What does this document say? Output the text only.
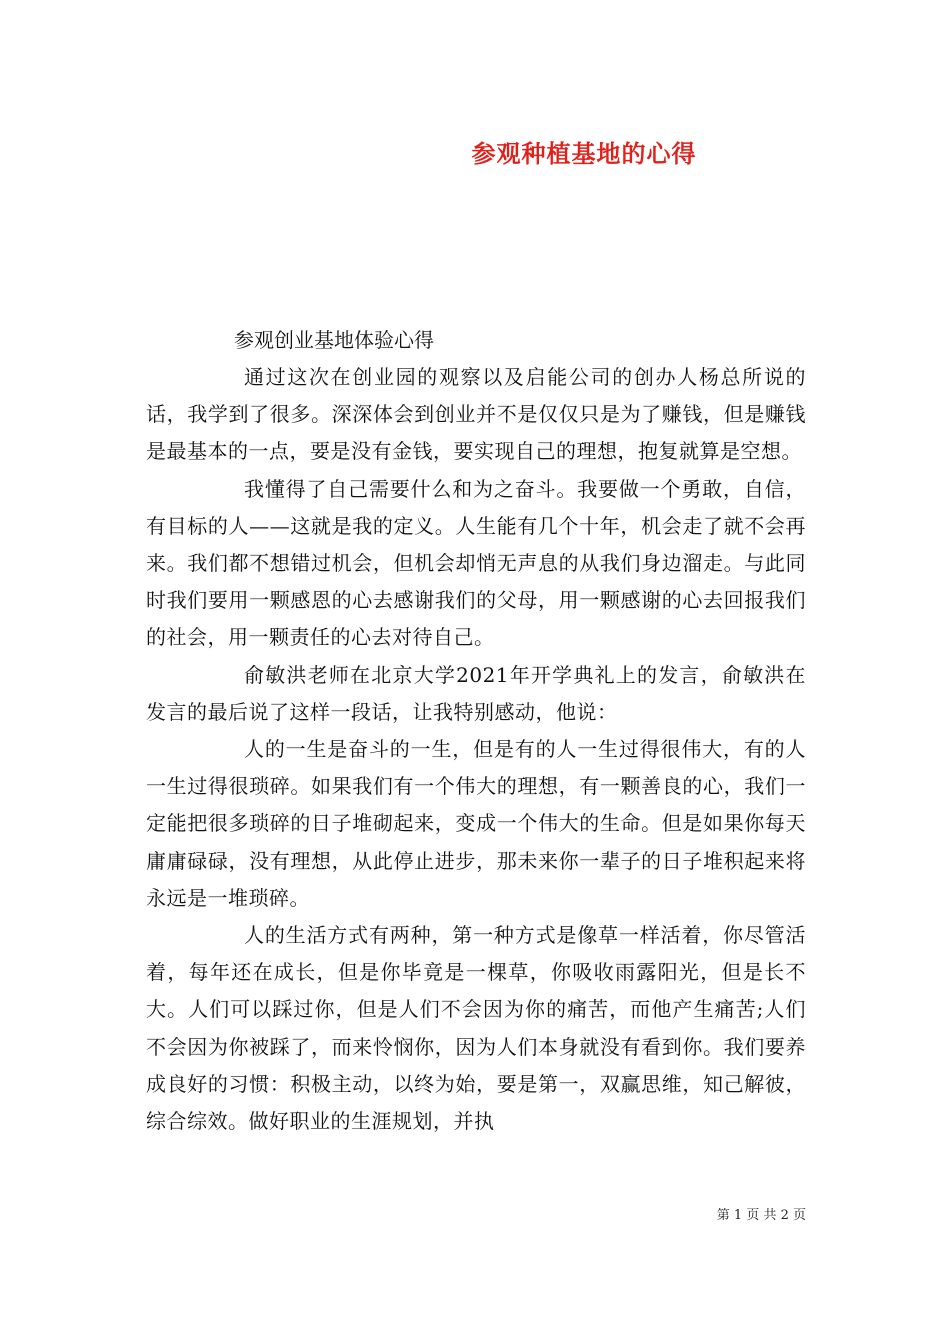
参观种植基地的心得

参观创业基地体验心得

通过这次在创业园的观察以及启能公司的创办人杨总所说的话，我学到了很多。深深体会到创业并不是仅仅只是为了赚钱，但是赚钱是最基本的一点，要是没有金钱，要实现自己的理想，抱复就算是空想。

我懂得了自己需要什么和为之奋斗。我要做一个勇敢，自信，有目标的人——这就是我的定义。人生能有几个十年，机会走了就不会再来。我们都不想错过机会，但机会却悄无声息的从我们身边溜走。与此同时我们要用一颗感恩的心去感谢我们的父母，用一颗感谢的心去回报我们的社会，用一颗责任的心去对待自己。

俞敏洪老师在北京大学2021年开学典礼上的发言，俞敏洪在发言的最后说了这样一段话，让我特别感动，他说：

人的一生是奋斗的一生，但是有的人一生过得很伟大，有的人一生过得很琐碎。如果我们有一个伟大的理想，有一颗善良的心，我们一定能把很多琐碎的日子堆砌起来，变成一个伟大的生命。但是如果你每天庸庸碌碌，没有理想，从此停止进步，那未来你一辈子的日子堆积起来将永远是一堆琐碎。

人的生活方式有两种，第一种方式是像草一样活着，你尽管活着，每年还在成长，但是你毕竟是一棵草，你吸收雨露阳光，但是长不大。人们可以踩过你，但是人们不会因为你的痛苦，而他产生痛苦;人们不会因为你被踩了，而来怜悯你，因为人们本身就没有看到你。我们要养成良好的习惯：积极主动，以终为始，要是第一，双赢思维，知己解彼，综合综效。做好职业的生涯规划，并执

第 1 页 共 2 页
